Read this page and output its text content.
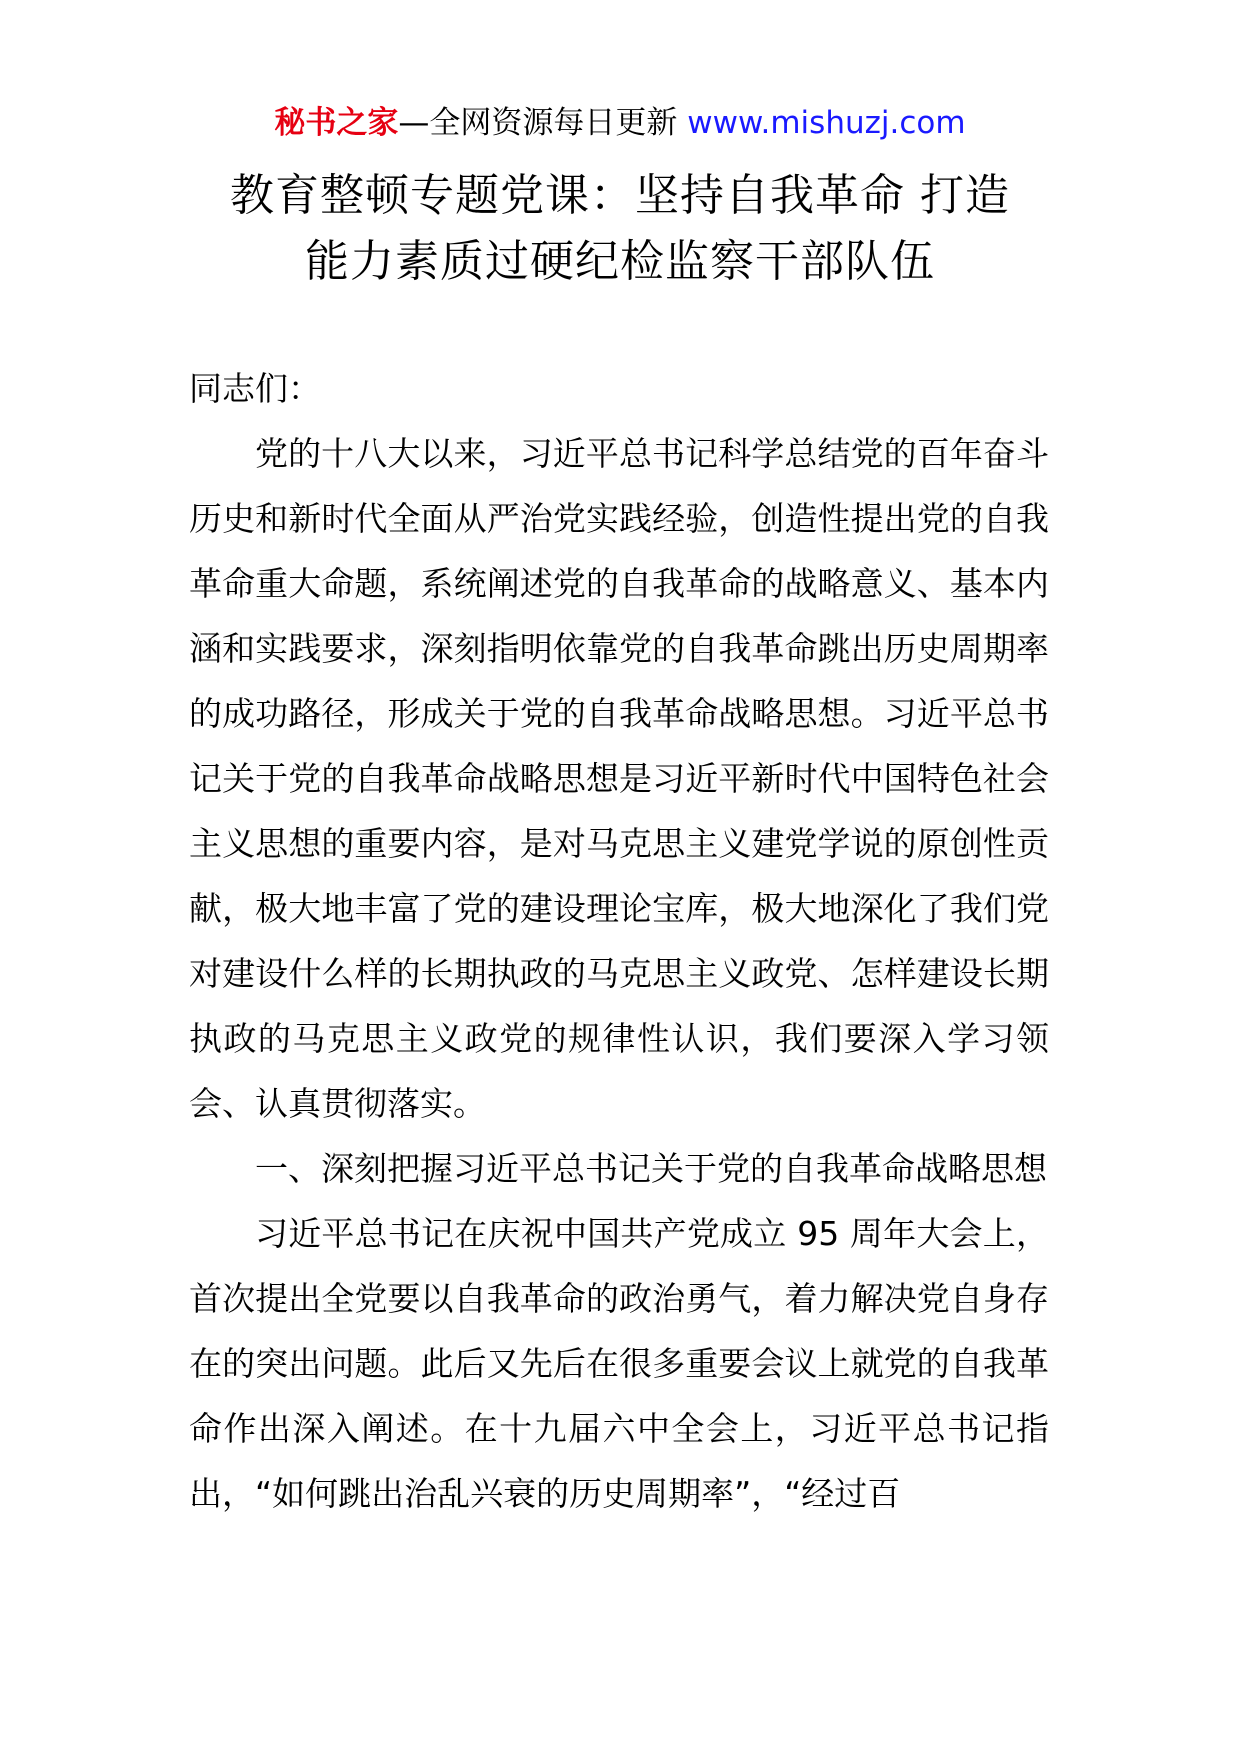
秘书之家—全网资源每日更新 www.mishuzj.com
教育整顿专题党课：坚持自我革命 打造
能力素质过硬纪检监察干部队伍

同志们：

党的十八大以来，习近平总书记科学总结党的百年奋斗历史和新时代全面从严治党实践经验，创造性提出党的自我革命重大命题，系统阐述党的自我革命的战略意义、基本内涵和实践要求，深刻指明依靠党的自我革命跳出历史周期率的成功路径，形成关于党的自我革命战略思想。习近平总书记关于党的自我革命战略思想是习近平新时代中国特色社会主义思想的重要内容，是对马克思主义建党学说的原创性贡献，极大地丰富了党的建设理论宝库，极大地深化了我们党对建设什么样的长期执政的马克思主义政党、怎样建设长期执政的马克思主义政党的规律性认识，我们要深入学习领会、认真贯彻落实。

一、深刻把握习近平总书记关于党的自我革命战略思想

习近平总书记在庆祝中国共产党成立 95 周年大会上，首次提出全党要以自我革命的政治勇气，着力解决党自身存在的突出问题。此后又先后在很多重要会议上就党的自我革命作出深入阐述。在十九届六中全会上，习近平总书记指出，“如何跳出治乱兴衰的历史周期率”，“经过百
